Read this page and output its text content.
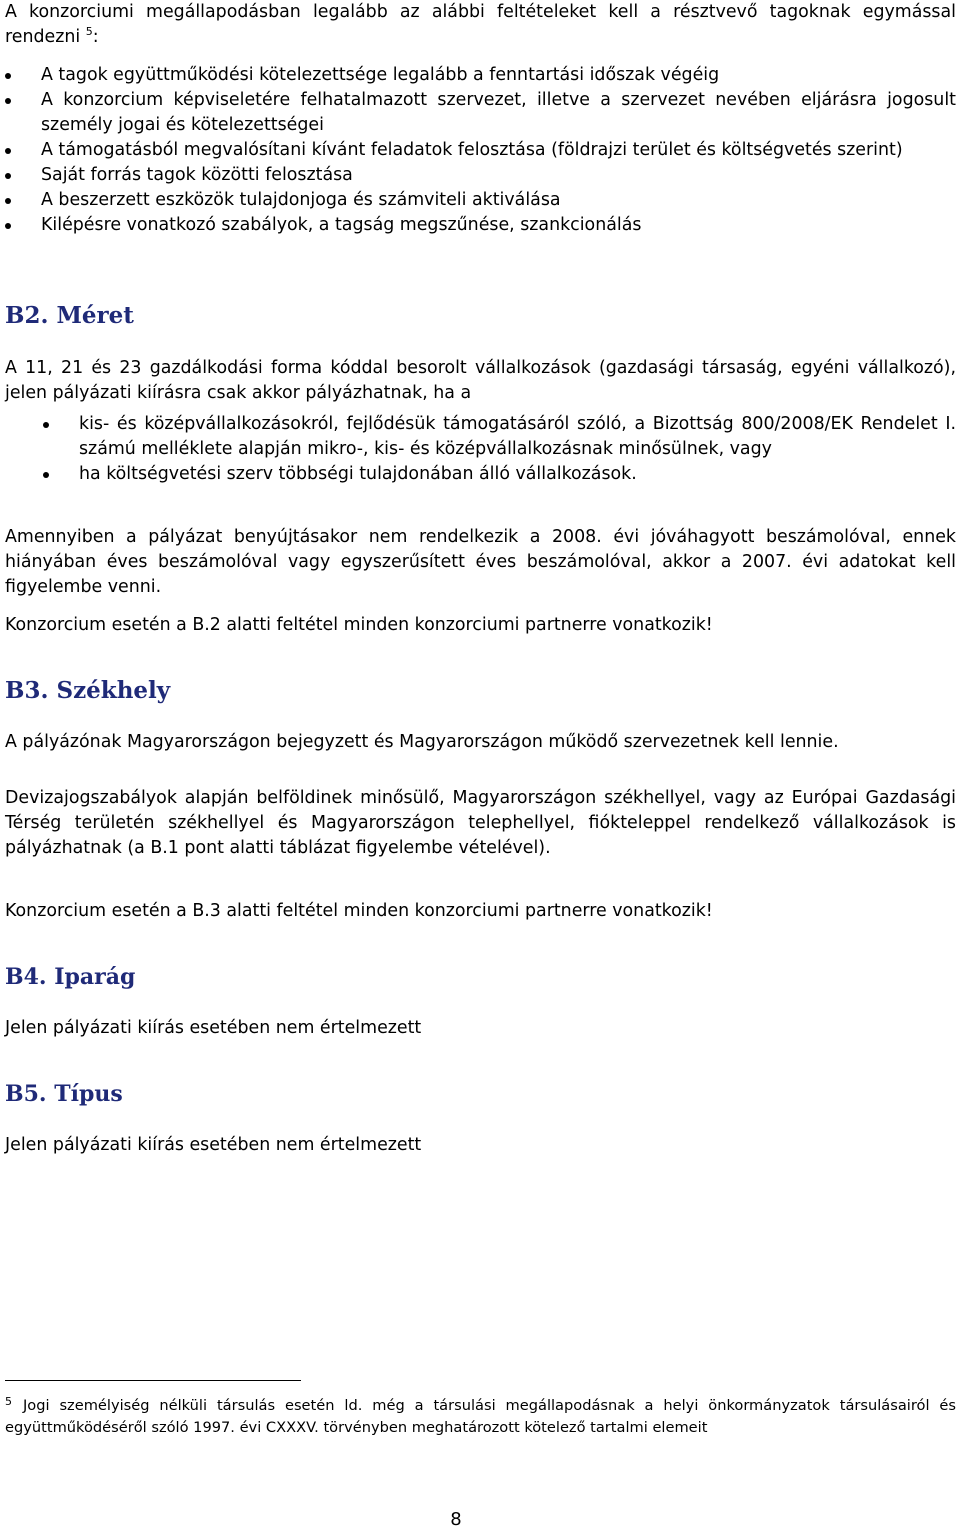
A konzorciumi megállapodásban legalább az alábbi feltételeket kell a résztvevő tagoknak egymással rendezni $^5$:

A tagok együttműködési kötelezettsége legalább a fenntartási időszak végéig
A konzorcium képviseletére felhatalmazott szervezet, illetve a szervezet nevében eljárásra jogosult személy jogai és kötelezettségei
A támogatásból megvalósítani kívánt feladatok felosztása (földrajzi terület és költségvetés szerint)
Saját forrás tagok közötti felosztása
A beszerzett eszközök tulajdonjoga és számviteli aktiválása
Kilépésre vonatkozó szabályok, a tagság megszűnése, szankcionálás
B2. Méret

A 11, 21 és 23 gazdálkodási forma kóddal besorolt vállalkozások (gazdasági társaság, egyéni vállalkozó), jelen pályázati kiírásra csak akkor pályázhatnak, ha a

kis- és középvállalkozásokról, fejlődésük támogatásáról szóló, a Bizottság 800/2008/EK Rendelet I. számú melléklete alapján mikro-, kis- és középvállalkozásnak minősülnek, vagy
ha költségvetési szerv többségi tulajdonában álló vállalkozások.

Amennyiben a pályázat benyújtásakor nem rendelkezik a 2008. évi jóváhagyott beszámolóval, ennek hiányában éves beszámolóval vagy egyszerűsített éves beszámolóval, akkor a 2007. évi adatokat kell figyelembe venni.

Konzorcium esetén a B.2 alatti feltétel minden konzorciumi partnerre vonatkozik!

B3. Székhely

A pályázónak Magyarországon bejegyzett és Magyarországon működő szervezetnek kell lennie.

Devizajogszabályok alapján belföldinek minősülő, Magyarországon székhellyel, vagy az Európai Gazdasági Térség területén székhellyel és Magyarországon telephellyel, fiókteleppel rendelkező vállalkozások is pályázhatnak (a B.1 pont alatti táblázat figyelembe vételével).

Konzorcium esetén a B.3 alatti feltétel minden konzorciumi partnerre vonatkozik!

B4. Iparág

Jelen pályázati kiírás esetében nem értelmezett

B5. Típus

Jelen pályázati kiírás esetében nem értelmezett

5 Jogi személyiség nélküli társulás esetén ld. még a társulási megállapodásnak a helyi önkormányzatok társulásairól és együttműködéséről szóló 1997. évi CXXXV. törvényben meghatározott kötelező tartalmi elemeit
8
